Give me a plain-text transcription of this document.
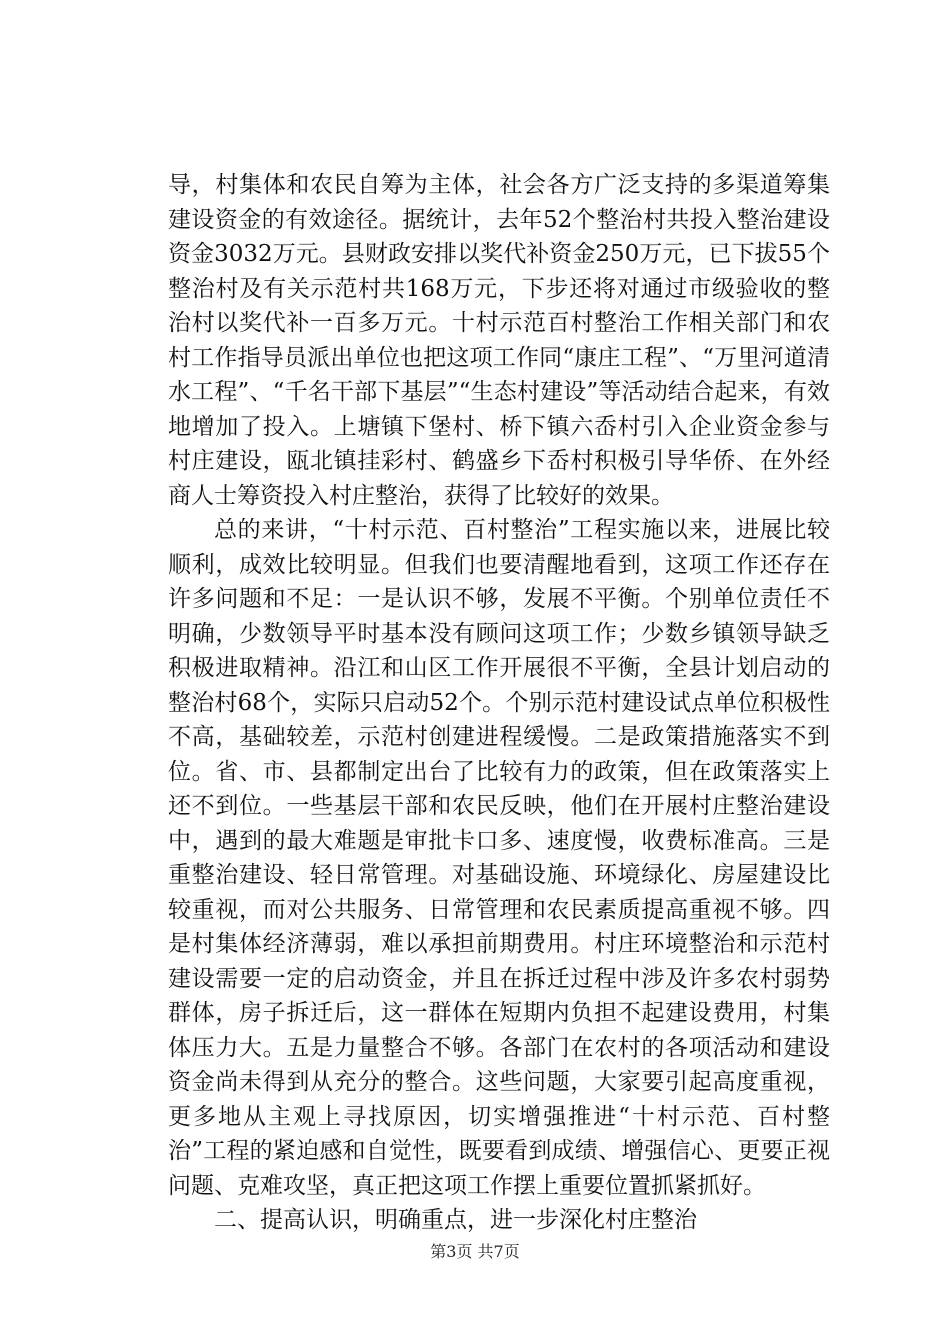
导，村集体和农民自筹为主体，社会各方广泛支持的多渠道筹集建设资金的有效途径。据统计，去年52个整治村共投入整治建设资金3032万元。县财政安排以奖代补资金250万元，已下拔55个整治村及有关示范村共168万元，下步还将对通过市级验收的整治村以奖代补一百多万元。十村示范百村整治工作相关部门和农村工作指导员派出单位也把这项工作同“康庄工程”、“万里河道清水工程”、“千名干部下基层”“生态村建设”等活动结合起来，有效地增加了投入。上塘镇下堡村、桥下镇六岙村引入企业资金参与村庄建设，瓯北镇挂彩村、鹤盛乡下岙村积极引导华侨、在外经商人士筹资投入村庄整治，获得了比较好的效果。

总的来讲，“十村示范、百村整治”工程实施以来，进展比较顺利，成效比较明显。但我们也要清醒地看到，这项工作还存在许多问题和不足：一是认识不够，发展不平衡。个别单位责任不明确，少数领导平时基本没有顾问这项工作；少数乡镇领导缺乏积极进取精神。沿江和山区工作开展很不平衡，全县计划启动的整治村68个，实际只启动52个。个别示范村建设试点单位积极性不高，基础较差，示范村创建进程缓慢。二是政策措施落实不到位。省、市、县都制定出台了比较有力的政策，但在政策落实上还不到位。一些基层干部和农民反映，他们在开展村庄整治建设中，遇到的最大难题是审批卡口多、速度慢，收费标准高。三是重整治建设、轻日常管理。对基础设施、环境绿化、房屋建设比较重视，而对公共服务、日常管理和农民素质提高重视不够。四是村集体经济薄弱，难以承担前期费用。村庄环境整治和示范村建设需要一定的启动资金，并且在拆迁过程中涉及许多农村弱势群体，房子拆迁后，这一群体在短期内负担不起建设费用，村集体压力大。五是力量整合不够。各部门在农村的各项活动和建设资金尚未得到从充分的整合。这些问题，大家要引起高度重视，更多地从主观上寻找原因，切实增强推进“十村示范、百村整治”工程的紧迫感和自觉性，既要看到成绩、增强信心、更要正视问题、克难攻坚，真正把这项工作摆上重要位置抓紧抓好。

二、提高认识，明确重点，进一步深化村庄整治

第3页 共7页
